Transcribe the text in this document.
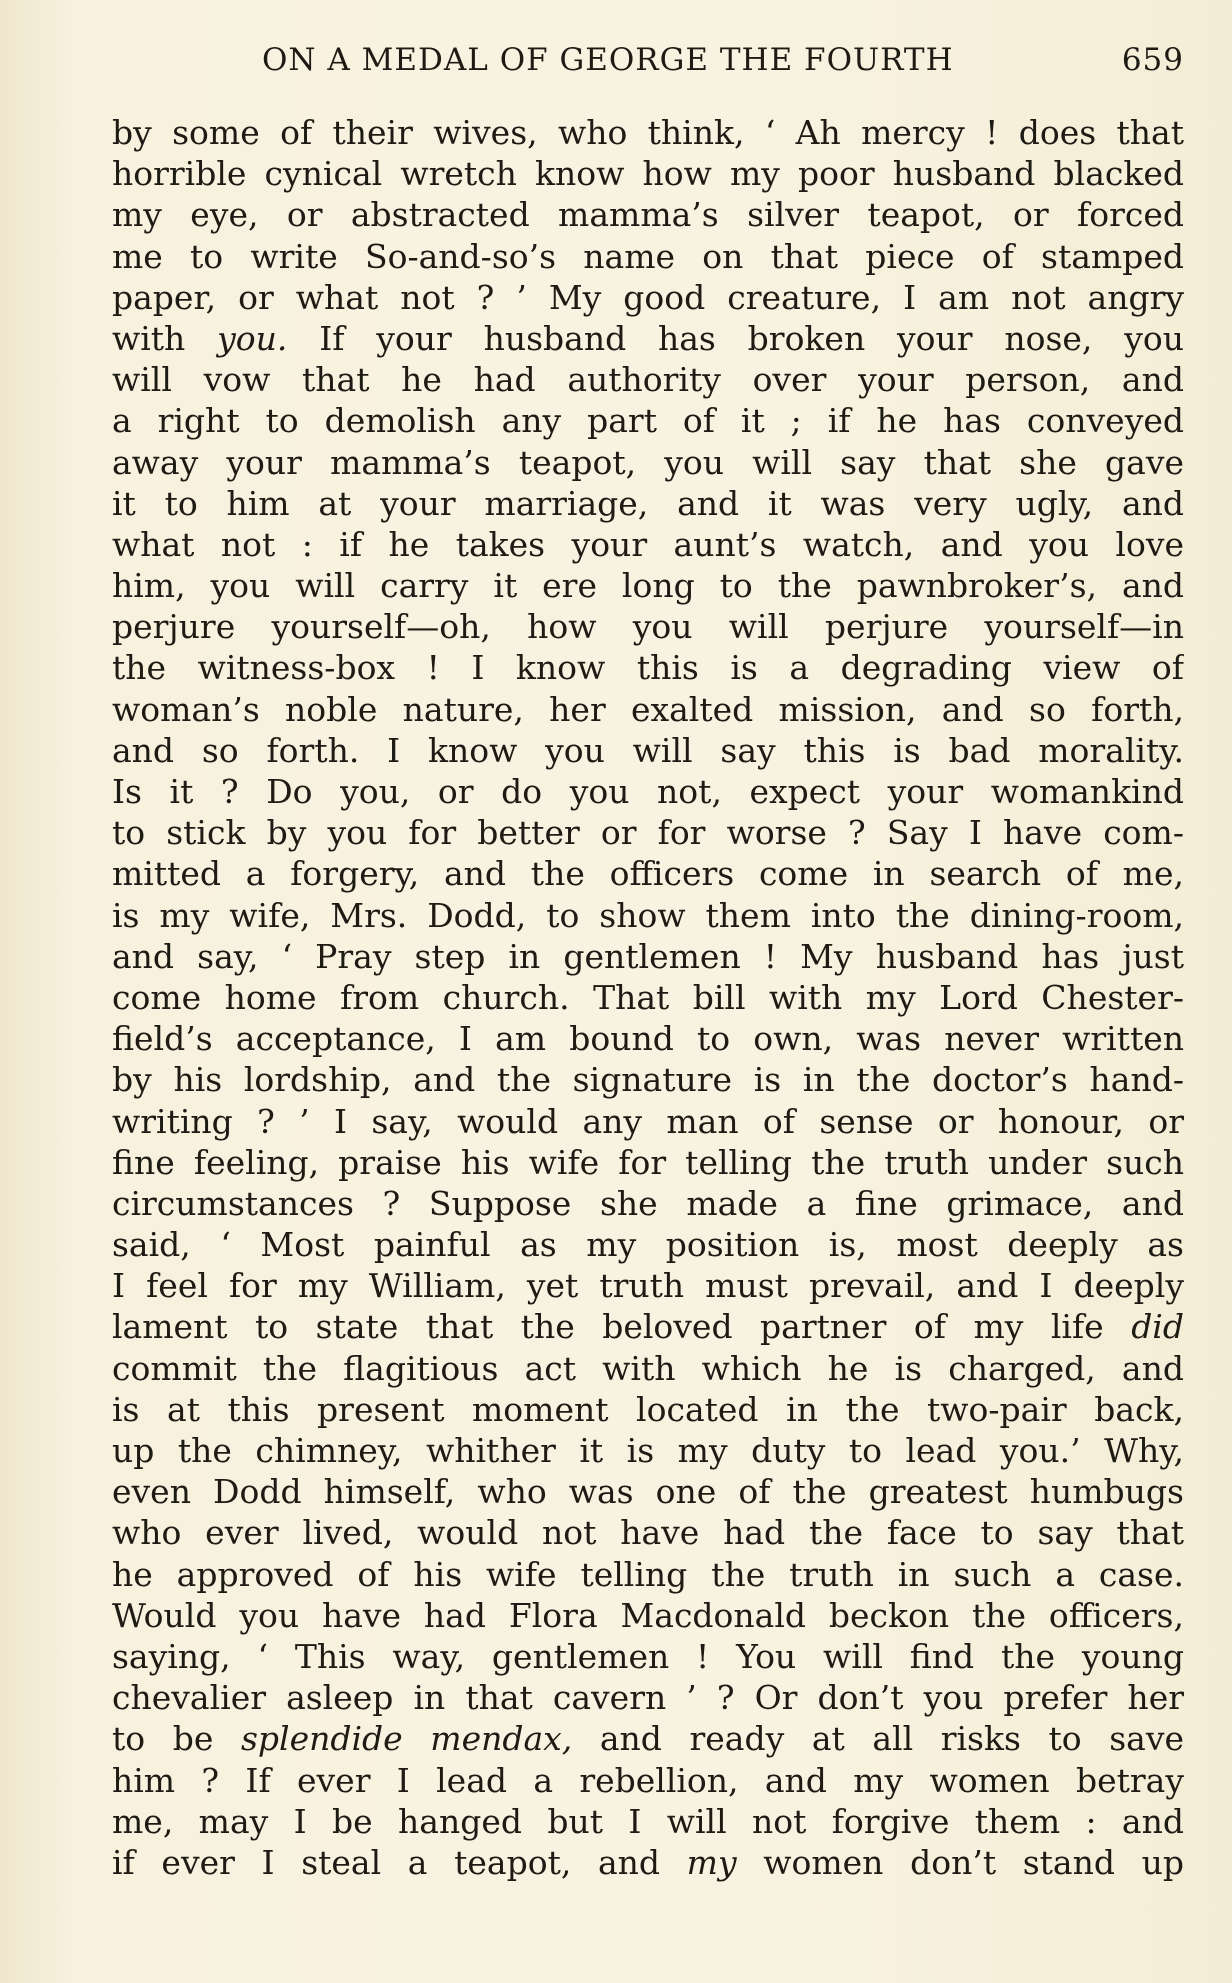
ON A MEDAL OF GEORGE THE FOURTH	659
by some of their wives, who think, ‘ Ah mercy ! does that
horrible cynical wretch know how my poor husband blacked
my eye, or abstracted mamma’s silver teapot, or forced
me to write So-and-so’s name on that piece of stamped
paper, or what not ? ’ My good creature, I am not angry
with you. If your husband has broken your nose, you
will vow that he had authority over your person, and
a right to demolish any part of it ; if he has conveyed
away your mamma’s teapot, you will say that she gave
it to him at your marriage, and it was very ugly, and
what not : if he takes your aunt’s watch, and you love
him, you will carry it ere long to the pawnbroker’s, and
perjure yourself—oh, how you will perjure yourself—in
the witness-box ! I know this is a degrading view of
woman’s noble nature, her exalted mission, and so forth,
and so forth. I know you will say this is bad morality.
Is it ? Do you, or do you not, expect your womankind
to stick by you for better or for worse ? Say I have com-
mitted a forgery, and the officers come in search of me,
is my wife, Mrs. Dodd, to show them into the dining-room,
and say, ‘ Pray step in gentlemen ! My husband has just
come home from church. That bill with my Lord Chester-
field’s acceptance, I am bound to own, was never written
by his lordship, and the signature is in the doctor’s hand-
writing ? ’ I say, would any man of sense or honour, or
fine feeling, praise his wife for telling the truth under such
circumstances ? Suppose she made a fine grimace, and
said, ‘ Most painful as my position is, most deeply as
I feel for my William, yet truth must prevail, and I deeply
lament to state that the beloved partner of my life did
commit the flagitious act with which he is charged, and
is at this present moment located in the two-pair back,
up the chimney, whither it is my duty to lead you.’ Why,
even Dodd himself, who was one of the greatest humbugs
who ever lived, would not have had the face to say that
he approved of his wife telling the truth in such a case.
Would you have had Flora Macdonald beckon the officers,
saying, ‘ This way, gentlemen ! You will find the young
chevalier asleep in that cavern ’ ? Or don’t you prefer her
to be splendide mendax, and ready at all risks to save
him ? If ever I lead a rebellion, and my women betray
me, may I be hanged but I will not forgive them : and
if ever I steal a teapot, and my women don’t stand up
